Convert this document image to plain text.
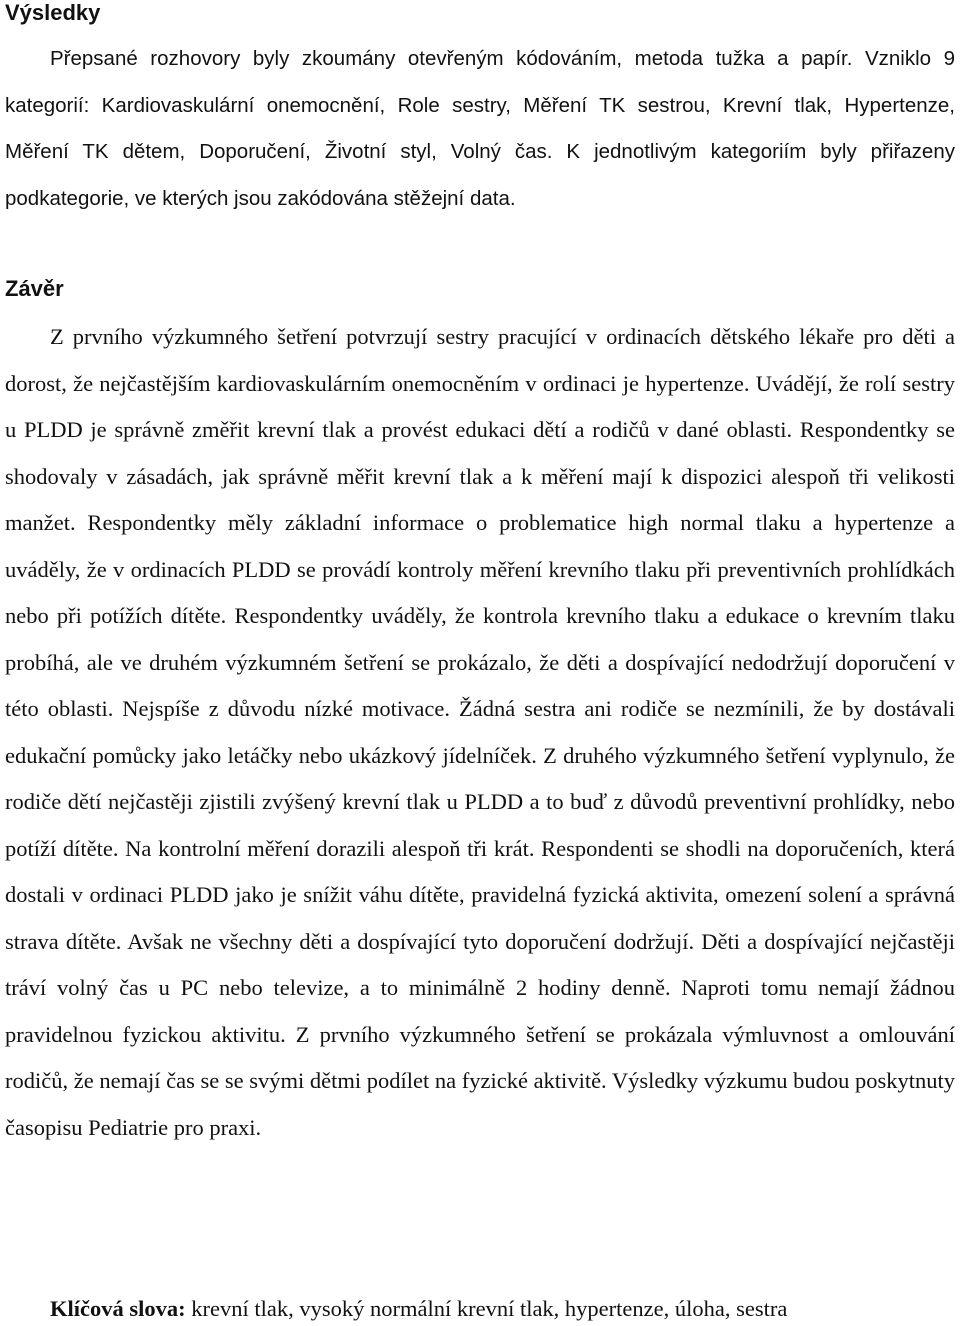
Výsledky

Přepsané rozhovory byly zkoumány otevřeným kódováním, metoda tužka a papír. Vzniklo 9 kategorií: Kardiovaskulární onemocnění, Role sestry, Měření TK sestrou, Krevní tlak, Hypertenze, Měření TK dětem, Doporučení, Životní styl, Volný čas. K jednotlivým kategoriím byly přiřazeny podkategorie, ve kterých jsou zakódována stěžejní data.

Závěr

Z prvního výzkumného šetření potvrzují sestry pracující v ordinacích dětského lékaře pro děti a dorost, že nejčastějším kardiovaskulárním onemocněním v ordinaci je hypertenze. Uvádějí, že rolí sestry u PLDD je správně změřit krevní tlak a provést edukaci dětí a rodičů v dané oblasti. Respondentky se shodovaly v zásadách, jak správně měřit krevní tlak a k měření mají k dispozici alespoň tři velikosti manžet. Respondentky měly základní informace o problematice high normal tlaku a hypertenze a uváděly, že v ordinacích PLDD se provádí kontroly měření krevního tlaku při preventivních prohlídkách nebo při potížích dítěte. Respondentky uváděly, že kontrola krevního tlaku a edukace o krevním tlaku probíhá, ale ve druhém výzkumném šetření se prokázalo, že děti a dospívající nedodržují doporučení v této oblasti. Nejspíše z důvodu nízké motivace. Žádná sestra ani rodiče se nezmínili, že by dostávali edukační pomůcky jako letáčky nebo ukázkový jídelníček. Z druhého výzkumného šetření vyplynulo, že rodiče dětí nejčastěji zjistili zvýšený krevní tlak u PLDD a to buď z důvodů preventivní prohlídky, nebo potíží dítěte. Na kontrolní měření dorazili alespoň tři krát. Respondenti se shodli na doporučeních, která dostali v ordinaci PLDD jako je snížit váhu dítěte, pravidelná fyzická aktivita, omezení solení a správná strava dítěte. Avšak ne všechny děti a dospívající tyto doporučení dodržují. Děti a dospívající nejčastěji tráví volný čas u PC nebo televize, a to minimálně 2 hodiny denně. Naproti tomu nemají žádnou pravidelnou fyzickou aktivitu. Z prvního výzkumného šetření se prokázala výmluvnost a omlouvání rodičů, že nemají čas se se svými dětmi podílet na fyzické aktivitě. Výsledky výzkumu budou poskytnuty časopisu Pediatrie pro praxi.

Klíčová slova: krevní tlak, vysoký normální krevní tlak, hypertenze, úloha, sestra
